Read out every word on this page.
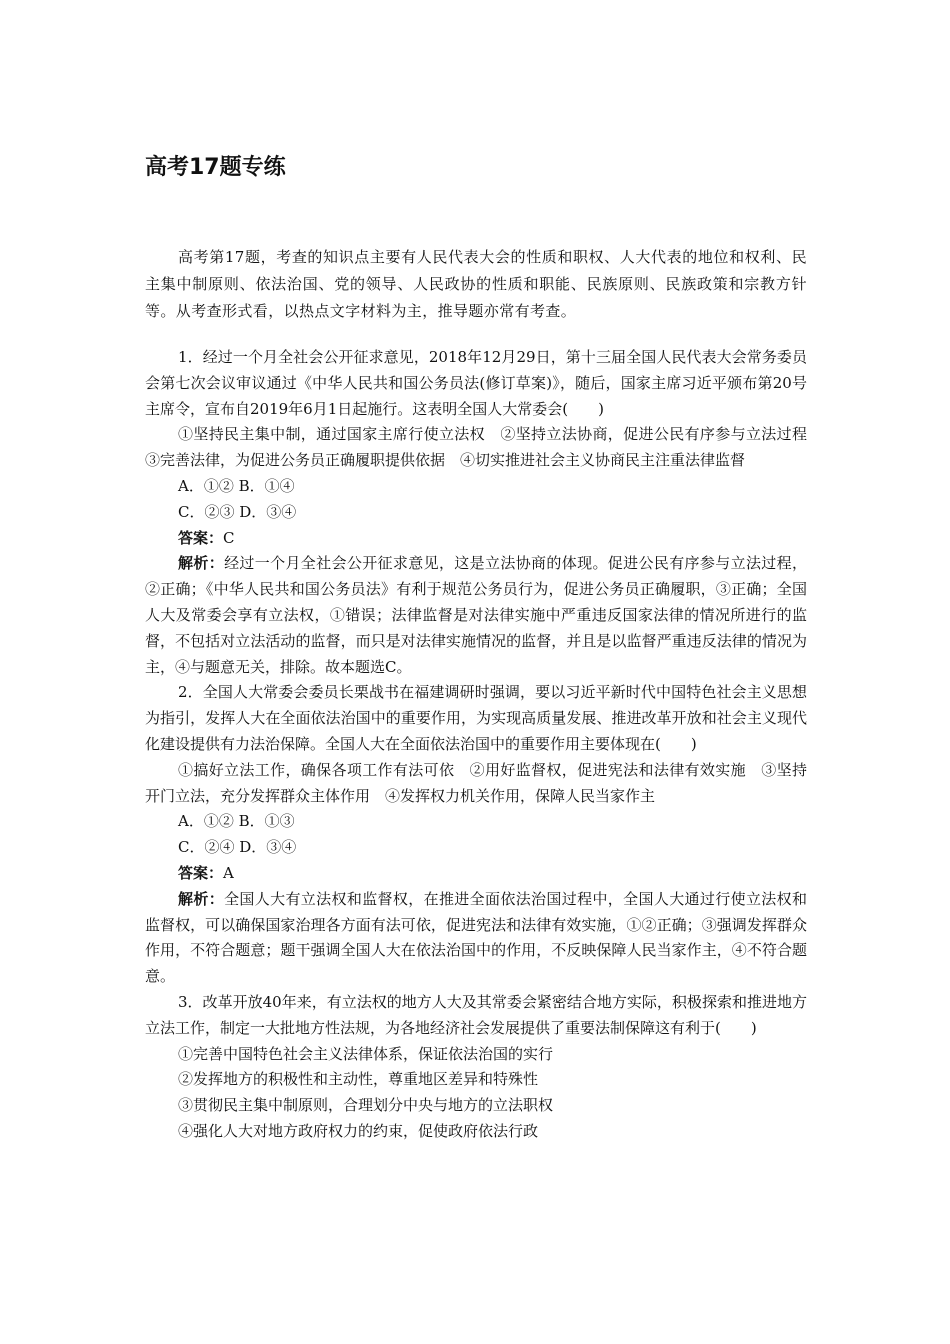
高考17题专练

高考第17题，考查的知识点主要有人民代表大会的性质和职权、人大代表的地位和权利、民主集中制原则、依法治国、党的领导、人民政协的性质和职能、民族原则、民族政策和宗教方针等。从考查形式看，以热点文字材料为主，推导题亦常有考查。

1．经过一个月全社会公开征求意见，2018年12月29日，第十三届全国人民代表大会常务委员会第七次会议审议通过《中华人民共和国公务员法(修订草案)》，随后，国家主席习近平颁布第20号主席令，宣布自2019年6月1日起施行。这表明全国人大常委会(　　)

①坚持民主集中制，通过国家主席行使立法权　②坚持立法协商，促进公民有序参与立法过程　③完善法律，为促进公务员正确履职提供依据　④切实推进社会主义协商民主注重法律监督

A．①② B．①④

C．②③ D．③④

答案：C

解析：经过一个月全社会公开征求意见，这是立法协商的体现。促进公民有序参与立法过程，②正确；《中华人民共和国公务员法》有利于规范公务员行为，促进公务员正确履职，③正确；全国人大及常委会享有立法权，①错误；法律监督是对法律实施中严重违反国家法律的情况所进行的监督，不包括对立法活动的监督，而只是对法律实施情况的监督，并且是以监督严重违反法律的情况为主，④与题意无关，排除。故本题选C。

2．全国人大常委会委员长栗战书在福建调研时强调，要以习近平新时代中国特色社会主义思想为指引，发挥人大在全面依法治国中的重要作用，为实现高质量发展、推进改革开放和社会主义现代化建设提供有力法治保障。全国人大在全面依法治国中的重要作用主要体现在(　　)

①搞好立法工作，确保各项工作有法可依　②用好监督权，促进宪法和法律有效实施　③坚持开门立法，充分发挥群众主体作用　④发挥权力机关作用，保障人民当家作主

A．①② B．①③

C．②④ D．③④

答案：A

解析：全国人大有立法权和监督权，在推进全面依法治国过程中，全国人大通过行使立法权和监督权，可以确保国家治理各方面有法可依，促进宪法和法律有效实施，①②正确；③强调发挥群众作用，不符合题意；题干强调全国人大在依法治国中的作用，不反映保障人民当家作主，④不符合题意。

3．改革开放40年来，有立法权的地方人大及其常委会紧密结合地方实际，积极探索和推进地方立法工作，制定一大批地方性法规，为各地经济社会发展提供了重要法制保障这有利于(　　)

①完善中国特色社会主义法律体系，保证依法治国的实行

②发挥地方的积极性和主动性，尊重地区差异和特殊性

③贯彻民主集中制原则，合理划分中央与地方的立法职权

④强化人大对地方政府权力的约束，促使政府依法行政
